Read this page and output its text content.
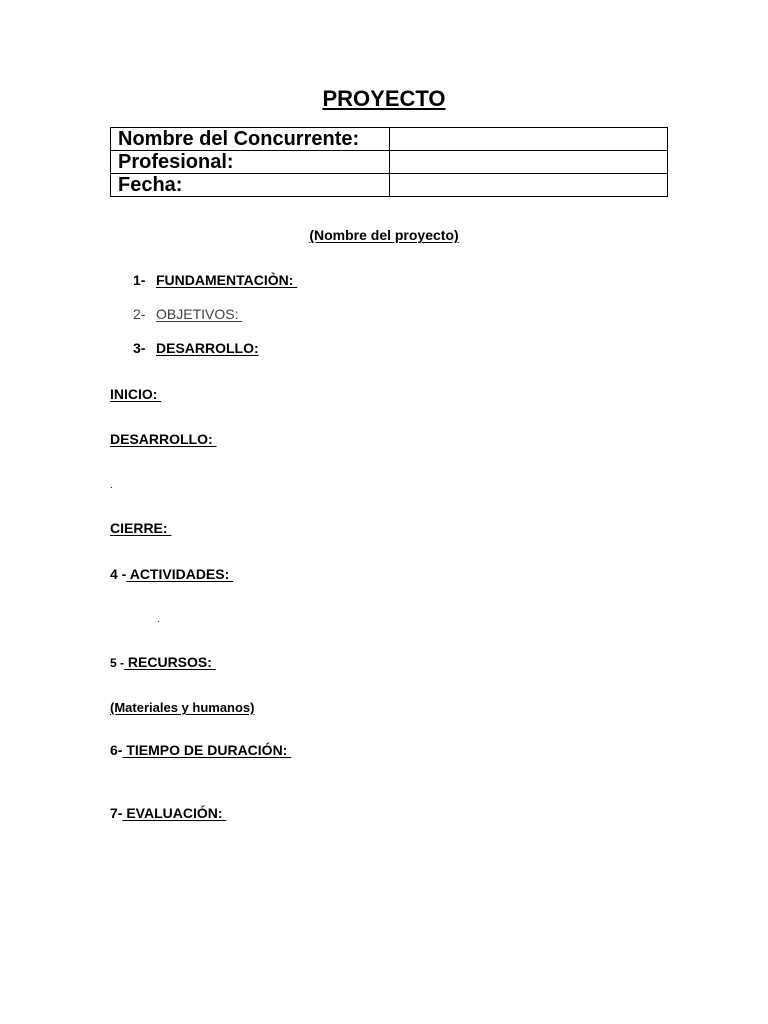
PROYECTO
Nombre del Concurrente:	
Profesional:	
Fecha:	
(Nombre del proyecto)
1- FUNDAMENTACIÒN:
2- OBJETIVOS:
3- DESARROLLO:
INICIO:
DESARROLLO:
.
CIERRE:
4 - ACTIVIDADES:
.
5 - RECURSOS:
(Materiales y humanos)
6- TIEMPO DE DURACIÓN:
7- EVALUACIÓN:
